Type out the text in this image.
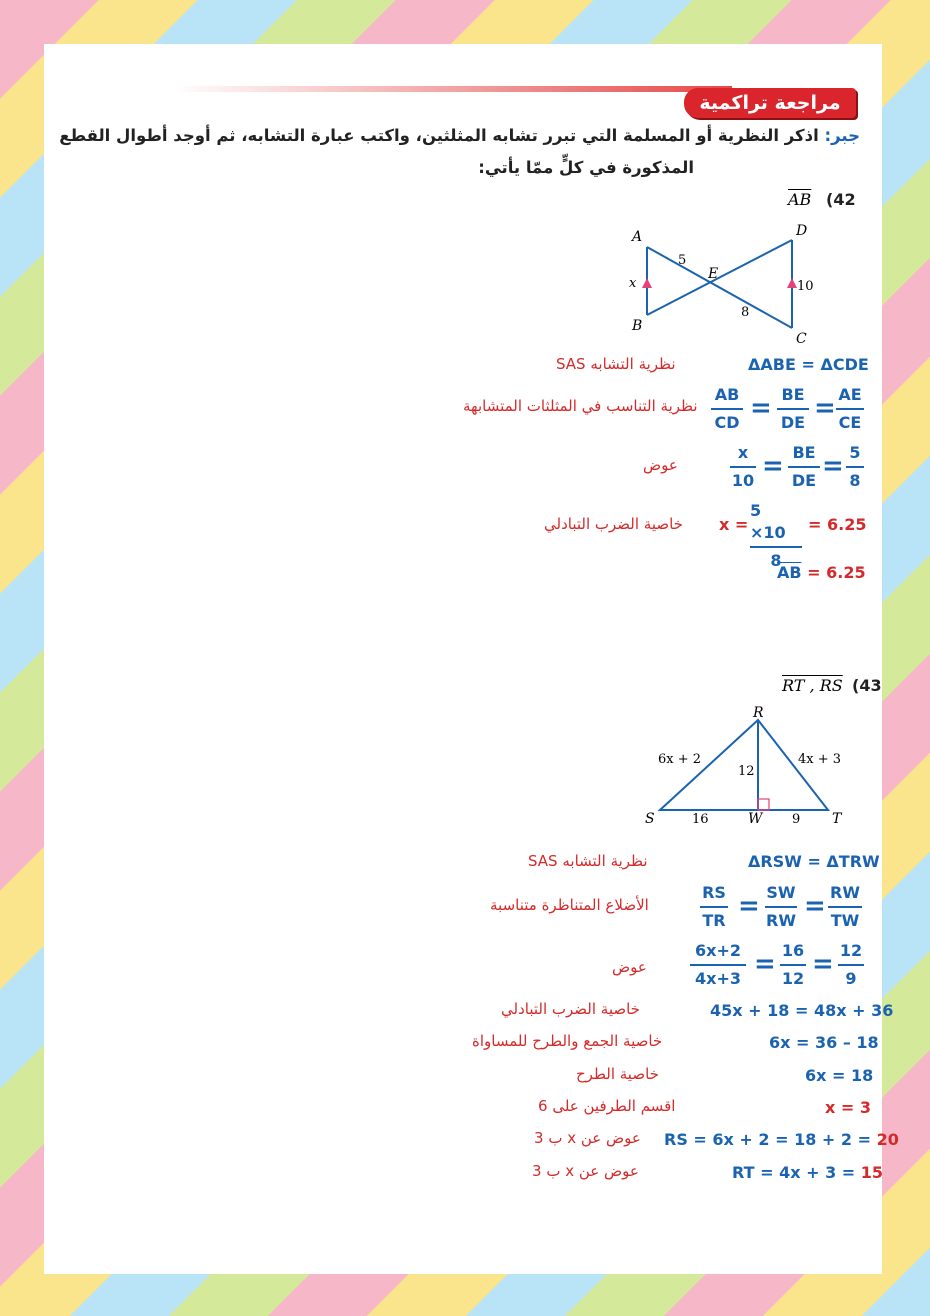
مراجعة تراكمية
جبر: اذكر النظرية أو المسلمة التي تبرر تشابه المثلثين، واكتب عبارة التشابه، ثم أوجد أطوال القطع
المذكورة في كلٍّ ممّا يأتي:
(42
$\overline{AB}$
A
B
C
D
E
x
5
8
10
ΔABE = ΔCDE
نظرية التشابه SAS
AB
CD = BE
DE = AE
CE
نظرية التناسب في المثلثات المتشابهة
x
10 = BE
DE = 5
8
عوض
x =
5 ×10
8
= 6.25
خاصية الضرب التبادلي
$\overline{AB} = 6.25$
(43
RT , RS
R
S	T
W
6x + 2	4x + 3
12
16	9
ΔRSW = ΔTRW
نظرية التشابه SAS
RS
TR = SW
RW = RW
TW
الأضلاع المتناظرة متناسبة
6x+2
4x+3 = 16
12 = 12
9
عوض
45x + 18 = 48x + 36
خاصية الضرب التبادلي
6x = 36 – 18
خاصية الجمع والطرح للمساواة
6x = 18
خاصية الطرح
x = 3
اقسم الطرفين على 6
RS = 6x + 2 = 18 + 2 = 20
عوض عن x ب 3
RT = 4x + 3 = 15
عوض عن x ب 3
